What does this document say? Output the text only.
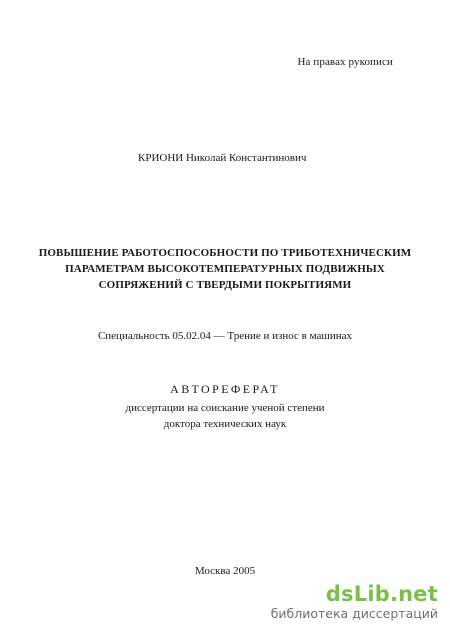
На правах рукописи
КРИОНИ Николай Константинович
ПОВЫШЕНИЕ РАБОТОСПОСОБНОСТИ ПО ТРИБОТЕХНИЧЕСКИМ
ПАРАМЕТРАМ ВЫСОКОТЕМПЕРАТУРНЫХ ПОДВИЖНЫХ
СОПРЯЖЕНИЙ С ТВЕРДЫМИ ПОКРЫТИЯМИ
Специальность 05.02.04 — Трение и износ в машинах
АВТОРЕФЕРАТ
диссертации на соискание ученой степени
доктора технических наук
Москва 2005
dsLib.net
библиотека диссертаций
